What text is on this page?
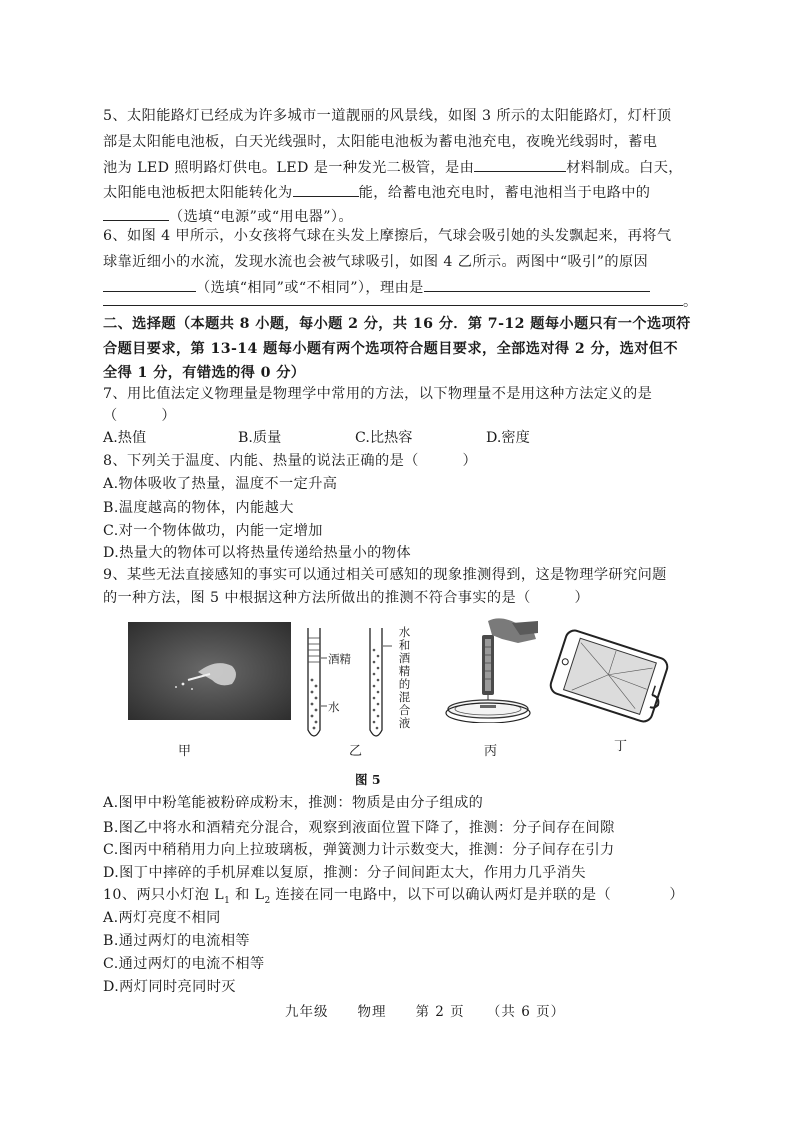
5、太阳能路灯已经成为许多城市一道靓丽的风景线，如图 3 所示的太阳能路灯，灯杆顶
部是太阳能电池板，白天光线强时，太阳能电池板为蓄电池充电，夜晚光线弱时，蓄电
池为 LED 照明路灯供电。LED 是一种发光二极管，是由	材料制成。白天，
太阳能电池板把太阳能转化为	能，给蓄电池充电时，蓄电池相当于电路中的
（选填“电源”或“用电器”）。
6、如图 4 甲所示，小女孩将气球在头发上摩擦后，气球会吸引她的头发飘起来，再将气
球靠近细小的水流，发现水流也会被气球吸引，如图 4 乙所示。两图中“吸引”的原因
（选填“相同”或“不相同”），理由是
。
二、选择题（本题共 8 小题，每小题 2 分，共 16 分．第 7-12 题每小题只有一个选项符
合题目要求，第 13-14 题每小题有两个选项符合题目要求，全部选对得 2 分，选对但不
全得 1 分，有错选的得 0 分）
7、用比值法定义物理量是物理学中常用的方法，以下物理量不是用这种方法定义的是
（　　　）
A.热值	B.质量	C.比热容	D.密度
8、下列关于温度、内能、热量的说法正确的是（　　　）
A.物体吸收了热量，温度不一定升高
B.温度越高的物体，内能越大
C.对一个物体做功，内能一定增加
D.热量大的物体可以将热量传递给热量小的物体
9、某些无法直接感知的事实可以通过相关可感知的现象推测得到，这是物理学研究问题
的一种方法，图 5 中根据这种方法所做出的推测不符合事实的是（　　　）
甲
酒精
水
水和酒精的混合液
乙	丙	丁
图 5
A.图甲中粉笔能被粉碎成粉末，推测：物质是由分子组成的
B.图乙中将水和酒精充分混合，观察到液面位置下降了，推测：分子间存在间隙
C.图丙中稍稍用力向上拉玻璃板，弹簧测力计示数变大，推测：分子间存在引力
D.图丁中摔碎的手机屏难以复原，推测：分子间间距太大，作用力几乎消失
10、两只小灯泡 $L_1$ 和 $L_2$ 连接在同一电路中，以下可以确认两灯是并联的是（　　　　）
A.两灯亮度不相同
B.通过两灯的电流相等
C.通过两灯的电流不相等
D.两灯同时亮同时灭
九年级　　物理　　第 2 页　　（共 6 页）
